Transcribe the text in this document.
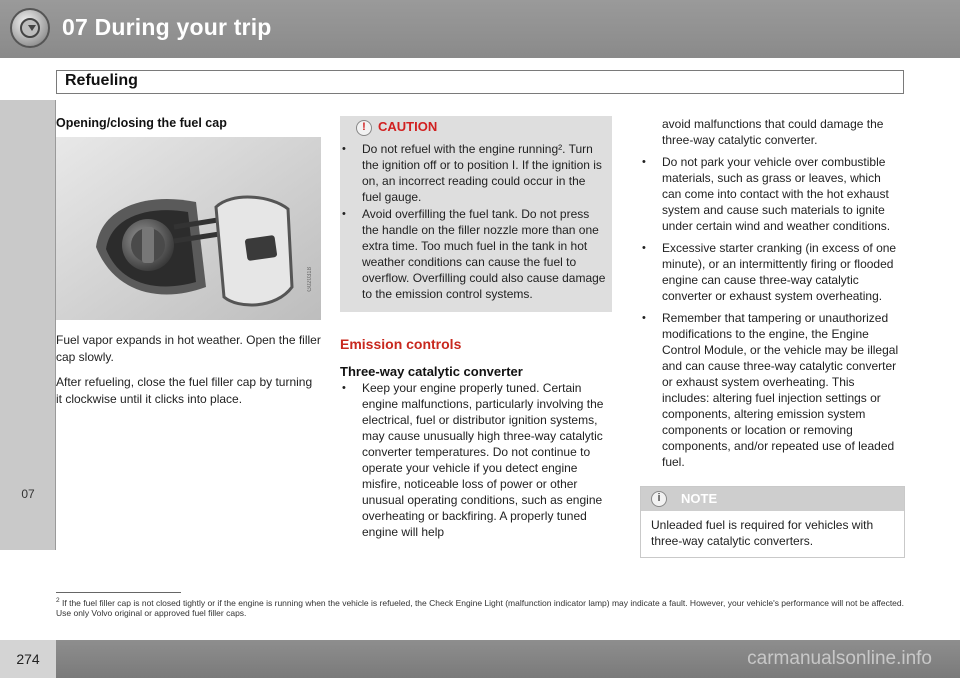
07 During your trip
Refueling
07
Opening/closing the fuel cap
G020318

Fuel vapor expands in hot weather. Open the filler cap slowly.

After refueling, close the fuel filler cap by turning it clockwise until it clicks into place.

! CAUTION
• Do not refuel with the engine running². Turn the ignition off or to position I. If the ignition is on, an incorrect reading could occur in the fuel gauge.
• Avoid overfilling the fuel tank. Do not press the handle on the filler nozzle more than one extra time. Too much fuel in the tank in hot weather conditions can cause the fuel to overflow. Overfilling could also cause damage to the emission control systems.
Emission controls
Three-way catalytic converter
• Keep your engine properly tuned. Certain engine malfunctions, particularly involving the electrical, fuel or distributor ignition systems, may cause unusually high three-way catalytic converter temperatures. Do not continue to operate your vehicle if you detect engine misfire, noticeable loss of power or other unusual operating conditions, such as engine overheating or backfiring. A properly tuned engine will help

avoid malfunctions that could damage the three-way catalytic converter.

• Do not park your vehicle over combustible materials, such as grass or leaves, which can come into contact with the hot exhaust system and cause such materials to ignite under certain wind and weather conditions.
• Excessive starter cranking (in excess of one minute), or an intermittently firing or flooded engine can cause three-way catalytic converter or exhaust system overheating.
• Remember that tampering or unauthorized modifications to the engine, the Engine Control Module, or the vehicle may be illegal and can cause three-way catalytic converter or exhaust system overheating. This includes: altering fuel injection settings or components, altering emission system components or location or removing components, and/or repeated use of leaded fuel.
i	NOTE
Unleaded fuel is required for vehicles with three-way catalytic converters.
$^2$ If the fuel filler cap is not closed tightly or if the engine is running when the vehicle is refueled, the Check Engine Light (malfunction indicator lamp) may indicate a fault. However, your vehicle's performance will not be affected. Use only Volvo original or approved fuel filler caps.
carmanualsonline.info
274
